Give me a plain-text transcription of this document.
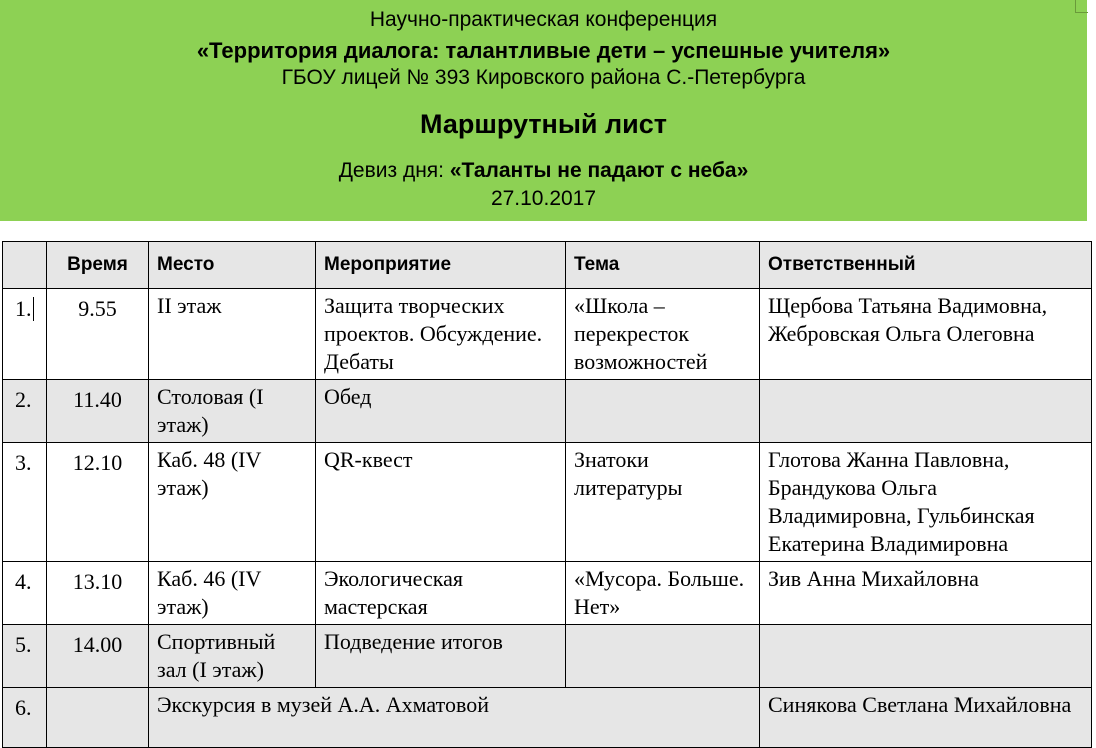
Научно-практическая конференция
«Территория диалога: талантливые дети – успешные учителя»
ГБОУ лицей № 393 Кировского района С.-Петербурга
Маршрутный лист
Девиз дня: «Таланты не падают с неба»
27.10.2017
	Время	Место	Мероприятие	Тема	Ответственный
1.	9.55	II этаж	Защита творческих проектов. Обсуждение. Дебаты	«Школа – перекресток возможностей	Щербова Татьяна Вадимовна, Жебровская Ольга Олеговна
2.	11.40	Столовая (I этаж)	Обед		
3.	12.10	Каб. 48 (IV этаж)	QR-квест	Знатоки литературы	Глотова Жанна Павловна, Брандукова Ольга Владимировна, Гульбинская Екатерина Владимировна
4.	13.10	Каб. 46 (IV этаж)	Экологическая мастерская	«Мусора. Больше. Нет»	Зив Анна Михайловна
5.	14.00	Спортивный зал (I этаж)	Подведение итогов		
6.		Экскурсия в музей А.А. Ахматовой			Синякова Светлана Михайловна
